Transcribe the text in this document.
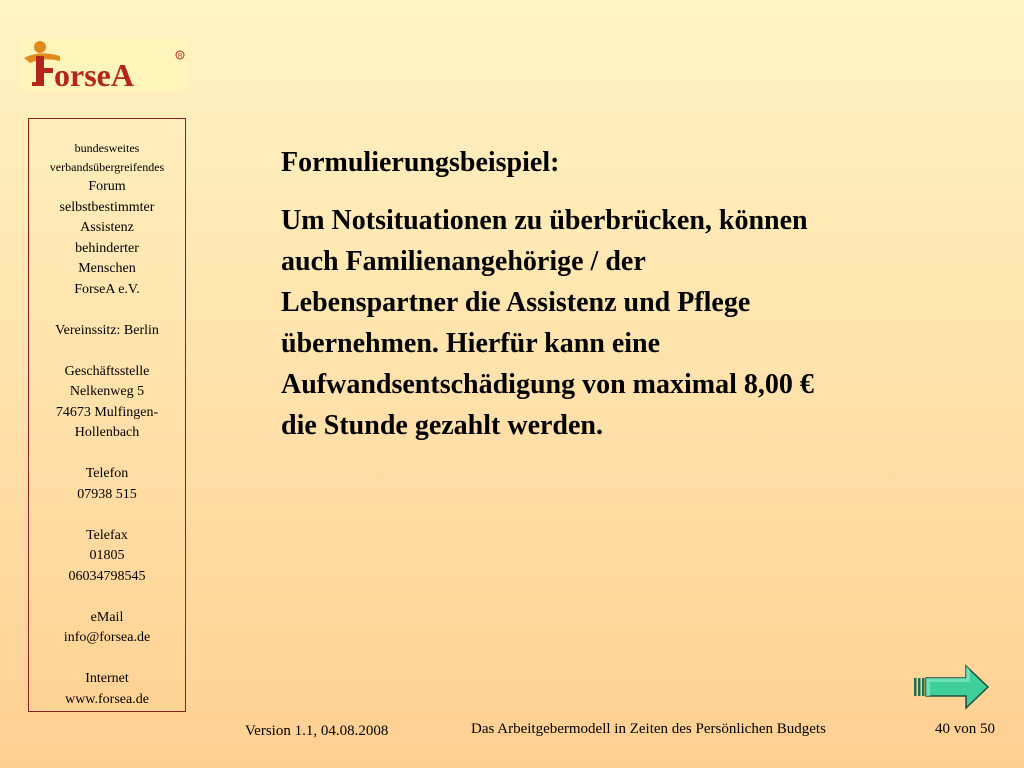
orseA
R
bundesweites
verbandsübergreifendes
Forum
selbstbestimmter
Assistenz
behinderter
Menschen
ForseA e.V.
Vereinssitz: Berlin
Geschäftsstelle
Nelkenweg 5
74673 Mulfingen-
Hollenbach
Telefon
07938 515
Telefax
01805
06034798545
eMail
info@forsea.de
Internet
www.forsea.de
Formulierungsbeispiel:
Um Notsituationen zu überbrücken, können
auch Familienangehörige / der
Lebenspartner die Assistenz und Pflege
übernehmen. Hierfür kann eine
Aufwandsentschädigung von maximal 8,00 €
die Stunde gezahlt werden.
Version 1.1, 04.08.2008	Das Arbeitgebermodell in Zeiten des Persönlichen Budgets	40 von 50
